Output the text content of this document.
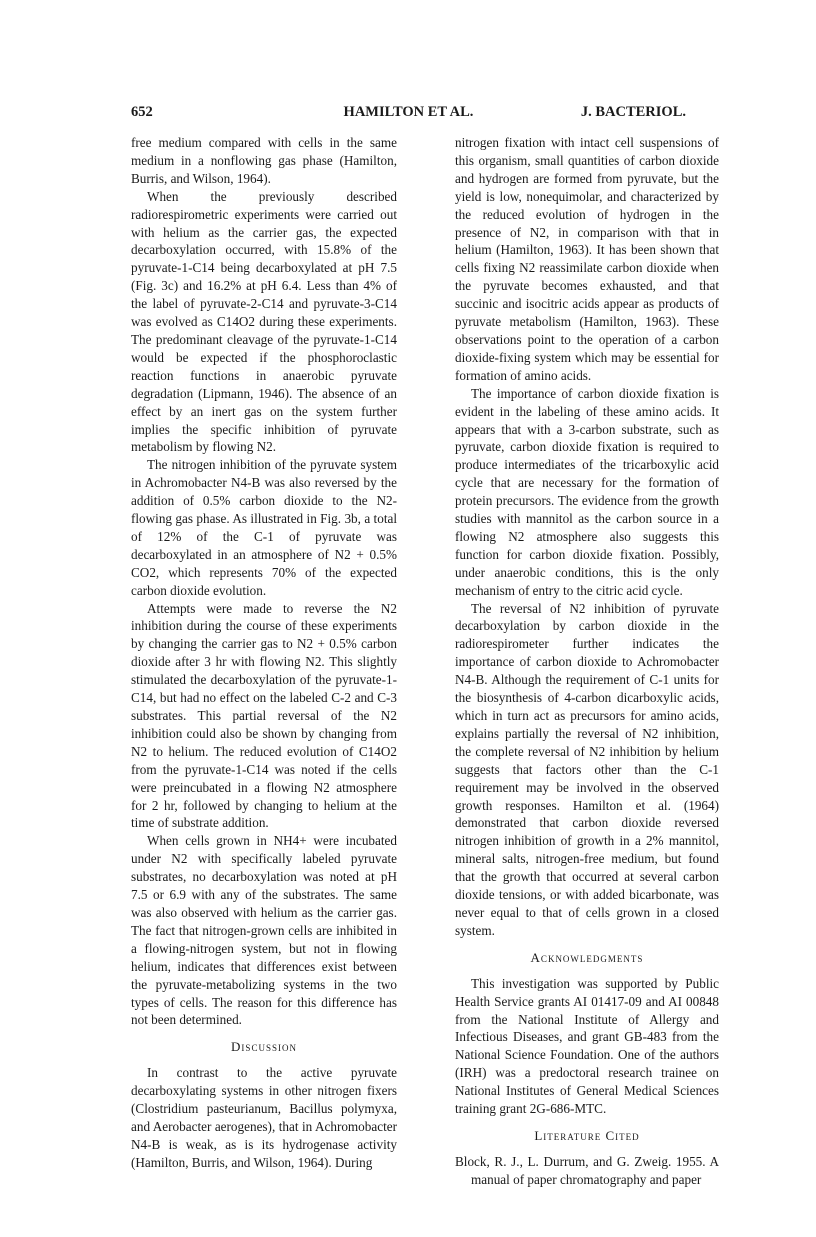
652	HAMILTON ET AL.	J. BACTERIOL.

free medium compared with cells in the same medium in a nonflowing gas phase (Hamilton, Burris, and Wilson, 1964).

When the previously described radiorespirometric experiments were carried out with helium as the carrier gas, the expected decarboxylation occurred, with 15.8% of the pyruvate-1-C14 being decarboxylated at pH 7.5 (Fig. 3c) and 16.2% at pH 6.4. Less than 4% of the label of pyruvate-2-C14 and pyruvate-3-C14 was evolved as C14O2 during these experiments. The predominant cleavage of the pyruvate-1-C14 would be expected if the phosphoroclastic reaction functions in anaerobic pyruvate degradation (Lipmann, 1946). The absence of an effect by an inert gas on the system further implies the specific inhibition of pyruvate metabolism by flowing N2.

The nitrogen inhibition of the pyruvate system in Achromobacter N4-B was also reversed by the addition of 0.5% carbon dioxide to the N2-flowing gas phase. As illustrated in Fig. 3b, a total of 12% of the C-1 of pyruvate was decarboxylated in an atmosphere of N2 + 0.5% CO2, which represents 70% of the expected carbon dioxide evolution.

Attempts were made to reverse the N2 inhibition during the course of these experiments by changing the carrier gas to N2 + 0.5% carbon dioxide after 3 hr with flowing N2. This slightly stimulated the decarboxylation of the pyruvate-1-C14, but had no effect on the labeled C-2 and C-3 substrates. This partial reversal of the N2 inhibition could also be shown by changing from N2 to helium. The reduced evolution of C14O2 from the pyruvate-1-C14 was noted if the cells were preincubated in a flowing N2 atmosphere for 2 hr, followed by changing to helium at the time of substrate addition.

When cells grown in NH4+ were incubated under N2 with specifically labeled pyruvate substrates, no decarboxylation was noted at pH 7.5 or 6.9 with any of the substrates. The same was also observed with helium as the carrier gas. The fact that nitrogen-grown cells are inhibited in a flowing-nitrogen system, but not in flowing helium, indicates that differences exist between the pyruvate-metabolizing systems in the two types of cells. The reason for this difference has not been determined.

Discussion

In contrast to the active pyruvate decarboxylating systems in other nitrogen fixers (Clostridium pasteurianum, Bacillus polymyxa, and Aerobacter aerogenes), that in Achromobacter N4-B is weak, as is its hydrogenase activity (Hamilton, Burris, and Wilson, 1964). During

nitrogen fixation with intact cell suspensions of this organism, small quantities of carbon dioxide and hydrogen are formed from pyruvate, but the yield is low, nonequimolar, and characterized by the reduced evolution of hydrogen in the presence of N2, in comparison with that in helium (Hamilton, 1963). It has been shown that cells fixing N2 reassimilate carbon dioxide when the pyruvate becomes exhausted, and that succinic and isocitric acids appear as products of pyruvate metabolism (Hamilton, 1963). These observations point to the operation of a carbon dioxide-fixing system which may be essential for formation of amino acids.

The importance of carbon dioxide fixation is evident in the labeling of these amino acids. It appears that with a 3-carbon substrate, such as pyruvate, carbon dioxide fixation is required to produce intermediates of the tricarboxylic acid cycle that are necessary for the formation of protein precursors. The evidence from the growth studies with mannitol as the carbon source in a flowing N2 atmosphere also suggests this function for carbon dioxide fixation. Possibly, under anaerobic conditions, this is the only mechanism of entry to the citric acid cycle.

The reversal of N2 inhibition of pyruvate decarboxylation by carbon dioxide in the radiorespirometer further indicates the importance of carbon dioxide to Achromobacter N4-B. Although the requirement of C-1 units for the biosynthesis of 4-carbon dicarboxylic acids, which in turn act as precursors for amino acids, explains partially the reversal of N2 inhibition, the complete reversal of N2 inhibition by helium suggests that factors other than the C-1 requirement may be involved in the observed growth responses. Hamilton et al. (1964) demonstrated that carbon dioxide reversed nitrogen inhibition of growth in a 2% mannitol, mineral salts, nitrogen-free medium, but found that the growth that occurred at several carbon dioxide tensions, or with added bicarbonate, was never equal to that of cells grown in a closed system.

Acknowledgments

This investigation was supported by Public Health Service grants AI 01417-09 and AI 00848 from the National Institute of Allergy and Infectious Diseases, and grant GB-483 from the National Science Foundation. One of the authors (IRH) was a predoctoral research trainee on National Institutes of General Medical Sciences training grant 2G-686-MTC.

Literature Cited

Block, R. J., L. Durrum, and G. Zweig. 1955. A manual of paper chromatography and paper
